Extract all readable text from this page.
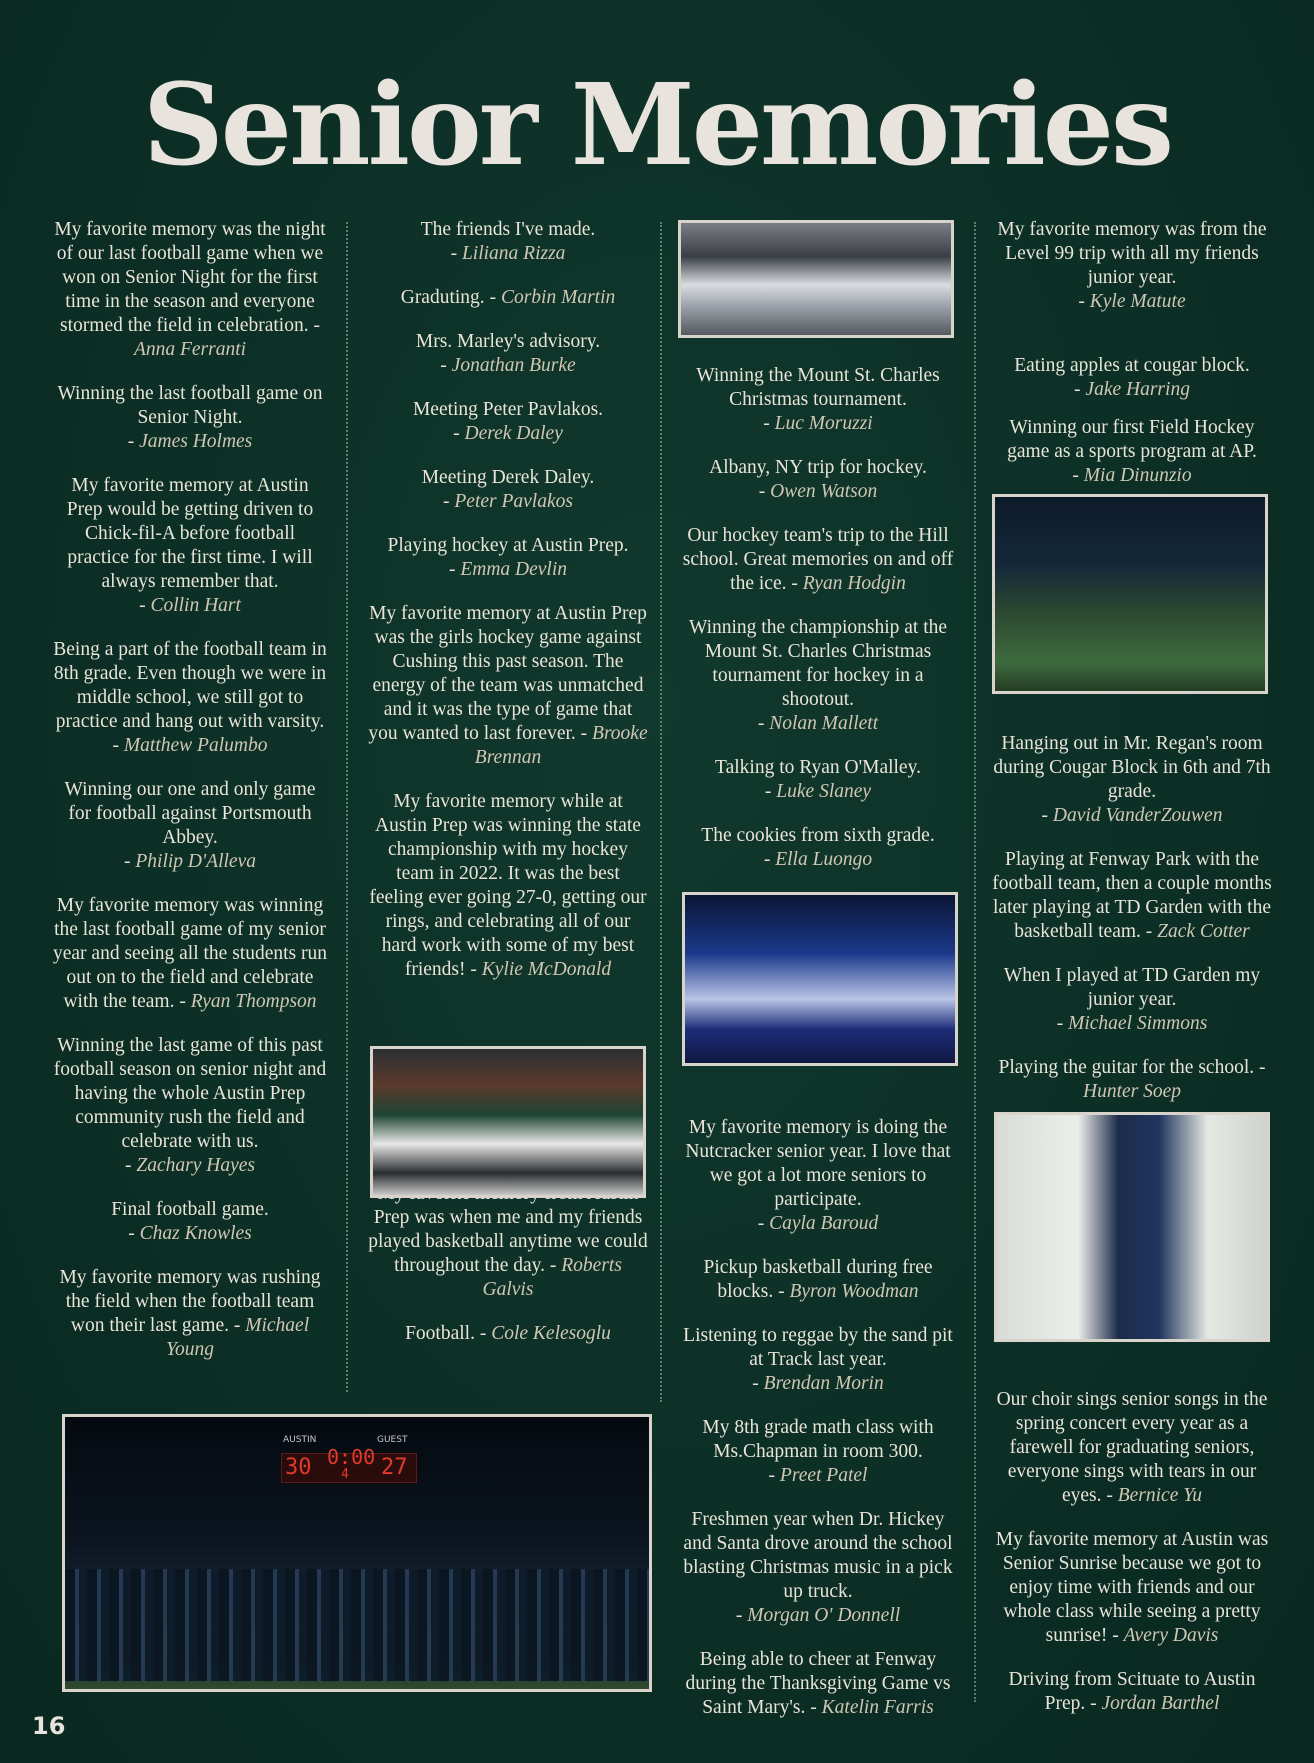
Senior Memories
My favorite memory was the night of our last football game when we won on Senior Night for the first time in the season and everyone stormed the field in celebration. - Anna Ferranti
Winning the last football game on Senior Night.
- James Holmes
My favorite memory at Austin Prep would be getting driven to Chick-fil-A before football practice for the first time. I will always remember that.
- Collin Hart
Being a part of the football team in 8th grade. Even though we were in middle school, we still got to practice and hang out with varsity.
- Matthew Palumbo
Winning our one and only game for football against Portsmouth Abbey.
- Philip D'Alleva
My favorite memory was winning the last football game of my senior year and seeing all the students run out on to the field and celebrate with the team. - Ryan Thompson
Winning the last game of this past football season on senior night and having the whole Austin Prep community rush the field and celebrate with us.
- Zachary Hayes
Final football game.
- Chaz Knowles
My favorite memory was rushing the field when the football team won their last game. - Michael Young
The friends I've made.
- Liliana Rizza
Graduting. - Corbin Martin
Mrs. Marley's advisory.
- Jonathan Burke
Meeting Peter Pavlakos.
- Derek Daley
Meeting Derek Daley.
- Peter Pavlakos
Playing hockey at Austin Prep.
- Emma Devlin
My favorite memory at Austin Prep was the girls hockey game against Cushing this past season. The energy of the team was unmatched and it was the type of game that you wanted to last forever. - Brooke Brennan
My favorite memory while at Austin Prep was winning the state championship with my hockey team in 2022. It was the best feeling ever going 27-0, getting our rings, and celebrating all of our hard work with some of my best friends! - Kylie McDonald
Prep was when me and my friends played basketball anytime we could throughout the day. - Roberts Galvis
Football. - Cole Kelesoglu
Winning the Mount St. Charles Christmas tournament.
- Luc Moruzzi
Albany, NY trip for hockey.
- Owen Watson
Our hockey team's trip to the Hill school. Great memories on and off the ice. - Ryan Hodgin
Winning the championship at the Mount St. Charles Christmas tournament for hockey in a shootout.
- Nolan Mallett
Talking to Ryan O'Malley.
- Luke Slaney
The cookies from sixth grade.
- Ella Luongo
My favorite memory is doing the Nutcracker senior year. I love that we got a lot more seniors to participate.
- Cayla Baroud
Pickup basketball during free blocks. - Byron Woodman
Listening to reggae by the sand pit at Track last year.
- Brendan Morin
My 8th grade math class with Ms.Chapman in room 300.
- Preet Patel
Freshmen year when Dr. Hickey and Santa drove around the school blasting Christmas music in a pick up truck.
- Morgan O' Donnell
Being able to cheer at Fenway during the Thanksgiving Game vs Saint Mary's. - Katelin Farris
My favorite memory was from the Level 99 trip with all my friends junior year.
- Kyle Matute
Eating apples at cougar block.
- Jake Harring
Winning our first Field Hockey game as a sports program at AP.
- Mia Dinunzio
Hanging out in Mr. Regan's room during Cougar Block in 6th and 7th grade.
- David VanderZouwen
Playing at Fenway Park with the football team, then a couple months later playing at TD Garden with the basketball team. - Zack Cotter
When I played at TD Garden my junior year.
- Michael Simmons
Playing the guitar for the school. - Hunter Soep
Our choir sings senior songs in the spring concert every year as a farewell for graduating seniors, everyone sings with tears in our eyes. - Bernice Yu
My favorite memory at Austin was Senior Sunrise because we got to enjoy time with friends and our whole class while seeing a pretty sunrise! - Avery Davis
Driving from Scituate to Austin Prep. - Jordan Barthel
AUSTIN	GUEST
30 0:00
4 27
16
